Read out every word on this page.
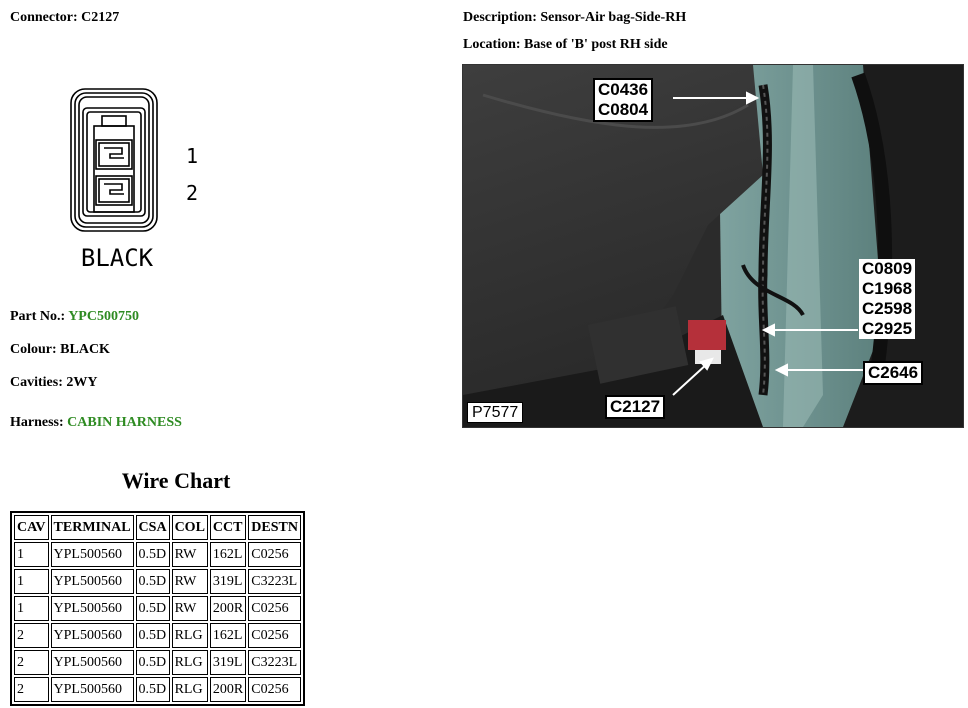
Connector: C2127	Description: Sensor-Air bag-Side-RH
Location: Base of 'B' post RH side
1
2
BLACK
Part No.: YPC500750
Colour: BLACK
Cavities: 2WY
Harness: CABIN HARNESS
Wire Chart
CAV	TERMINAL	CSA	COL	CCT	DESTN
1	YPL500560	0.5D	RW	162L	C0256
1	YPL500560	0.5D	RW	319L	C3223L
1	YPL500560	0.5D	RW	200R	C0256
2	YPL500560	0.5D	RLG	162L	C0256
2	YPL500560	0.5D	RLG	319L	C3223L
2	YPL500560	0.5D	RLG	200R	C0256
C0436
C0804
C0809
C1968
C2598
C2925
C2646
C2127
P7577
